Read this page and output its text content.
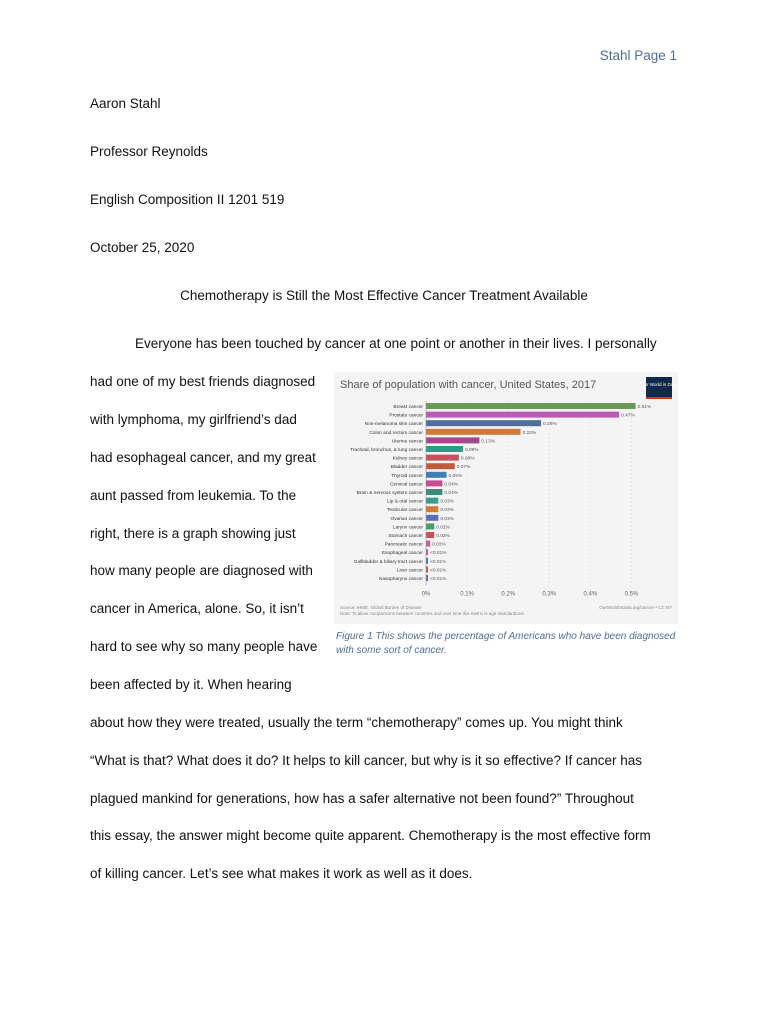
Stahl Page 1
Aaron Stahl
Professor Reynolds
English Composition II 1201 519
October 25, 2020
Chemotherapy is Still the Most Effective Cancer Treatment Available
Everyone has been touched by cancer at one point or another in their lives. I personally
had one of my best friends diagnosed
with lymphoma, my girlfriend’s dad
had esophageal cancer, and my great
aunt passed from leukemia. To the
right, there is a graph showing just
how many people are diagnosed with
cancer in America, alone. So, it isn’t
hard to see why so many people have
been affected by it. When hearing
about how they were treated, usually the term “chemotherapy” comes up. You might think
“What is that? What does it do? It helps to kill cancer, but why is it so effective? If cancer has
plagued mankind for generations, how has a safer alternative not been found?” Throughout
this essay, the answer might become quite apparent. Chemotherapy is the most effective form
of killing cancer. Let’s see what makes it work as well as it does.
Share of population with cancer, United States, 2017	Our World in Data
0%	0.1%	0.2%	0.3%	0.4%	0.5%
Breast cancer	0.51%
Prostate cancer	0.47%
Non-melanoma skin cancer	0.28%
Colon and rectum cancer	0.23%
Uterine cancer	0.13%
Tracheal, bronchus, & lung cancer	0.09%
Kidney cancer	0.08%
Bladder cancer	0.07%
Thyroid cancer	0.05%
Cervical cancer	0.04%
Brain & nervous system cancer	0.04%
Lip & oral cancer	0.03%
Testicular cancer	0.03%
Ovarian cancer	0.03%
Larynx cancer	0.02%
Stomach cancer	0.02%
Pancreatic cancer 0.01%
Esophageal cancer <0.01%
Gallbladder & biliary tract cancer <0.01%
Liver cancer <0.01%
Nasopharynx cancer <0.01%
Source: IHME, Global Burden of Disease
Note: To allow comparisons between countries and over time this metric is age-standardized.
OurWorldInData.org/cancer • CC BY
Figure 1 This shows the percentage of Americans who have been diagnosed with some sort of cancer.
